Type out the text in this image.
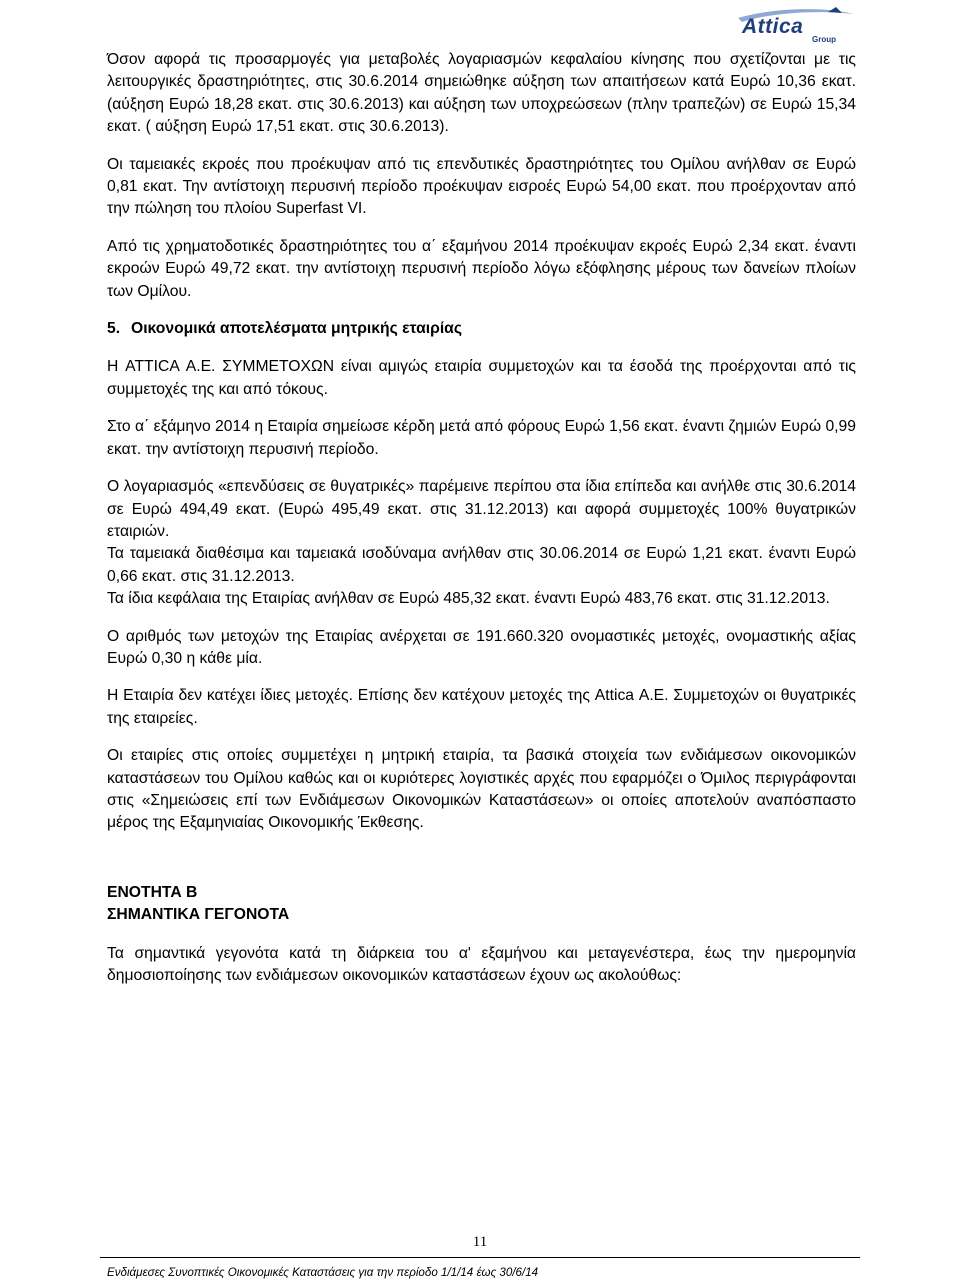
Attica
Group

Όσον αφορά τις προσαρμογές για μεταβολές λογαριασμών κεφαλαίου κίνησης που σχετίζονται με τις λειτουργικές δραστηριότητες, στις 30.6.2014 σημειώθηκε αύξηση των απαιτήσεων κατά Ευρώ 10,36 εκατ. (αύξηση Ευρώ 18,28 εκατ. στις 30.6.2013) και αύξηση των υποχρεώσεων (πλην τραπεζών) σε Ευρώ 15,34 εκατ. ( αύξηση Ευρώ 17,51 εκατ. στις 30.6.2013).

Οι ταμειακές εκροές που προέκυψαν από τις επενδυτικές δραστηριότητες του Ομίλου ανήλθαν σε Ευρώ 0,81 εκατ. Την αντίστοιχη περυσινή περίοδο προέκυψαν εισροές Ευρώ 54,00 εκατ. που προέρχονταν από την πώληση του πλοίου Superfast VI.

Από τις χρηματοδοτικές δραστηριότητες του α΄ εξαμήνου 2014 προέκυψαν εκροές Ευρώ 2,34 εκατ. έναντι εκροών Ευρώ 49,72 εκατ. την αντίστοιχη περυσινή περίοδο λόγω εξόφλησης μέρους των δανείων πλοίων των Ομίλου.

5. Οικονομικά αποτελέσματα μητρικής εταιρίας

Η ATTICA Α.Ε. ΣΥΜΜΕΤΟΧΩΝ είναι αμιγώς εταιρία συμμετοχών και τα έσοδά της προέρχονται από τις συμμετοχές της και από τόκους.

Στο α΄ εξάμηνο 2014 η Εταιρία σημείωσε κέρδη μετά από φόρους Ευρώ 1,56 εκατ. έναντι ζημιών Ευρώ 0,99 εκατ. την αντίστοιχη περυσινή περίοδο.

Ο λογαριασμός «επενδύσεις σε θυγατρικές» παρέμεινε περίπου στα ίδια επίπεδα και ανήλθε στις 30.6.2014 σε Ευρώ 494,49 εκατ. (Ευρώ 495,49 εκατ. στις 31.12.2013) και αφορά συμμετοχές 100% θυγατρικών εταιριών.

Τα ταμειακά διαθέσιμα και ταμειακά ισοδύναμα ανήλθαν στις 30.06.2014 σε Ευρώ 1,21 εκατ. έναντι Ευρώ 0,66 εκατ. στις 31.12.2013.

Τα ίδια κεφάλαια της Εταιρίας ανήλθαν σε Ευρώ 485,32 εκατ. έναντι Ευρώ 483,76 εκατ. στις 31.12.2013.

Ο αριθμός των μετοχών της Εταιρίας ανέρχεται σε 191.660.320 ονομαστικές μετοχές, ονομαστικής αξίας Ευρώ 0,30 η κάθε μία.

Η Εταιρία δεν κατέχει ίδιες μετοχές. Επίσης δεν κατέχουν μετοχές της Attica Α.Ε. Συμμετοχών οι θυγατρικές της εταιρείες.

Οι εταιρίες στις οποίες συμμετέχει η μητρική εταιρία, τα βασικά στοιχεία των ενδιάμεσων οικονομικών καταστάσεων του Ομίλου καθώς και οι κυριότερες λογιστικές αρχές που εφαρμόζει ο Όμιλος περιγράφονται στις «Σημειώσεις επί των Ενδιάμεσων Οικονομικών Καταστάσεων» οι οποίες αποτελούν αναπόσπαστο μέρος της Εξαμηνιαίας Οικονομικής Έκθεσης.

ΕΝΟΤΗΤΑ Β
ΣΗΜΑΝΤΙΚΑ ΓΕΓΟΝΟΤΑ

Τα σημαντικά γεγονότα κατά τη διάρκεια του α' εξαμήνου και μεταγενέστερα, έως την ημερομηνία δημοσιοποίησης των ενδιάμεσων οικονομικών καταστάσεων έχουν ως ακολούθως:

11
Ενδιάμεσες Συνοπτικές Οικονομικές Καταστάσεις για την περίοδο 1/1/14 έως 30/6/14
